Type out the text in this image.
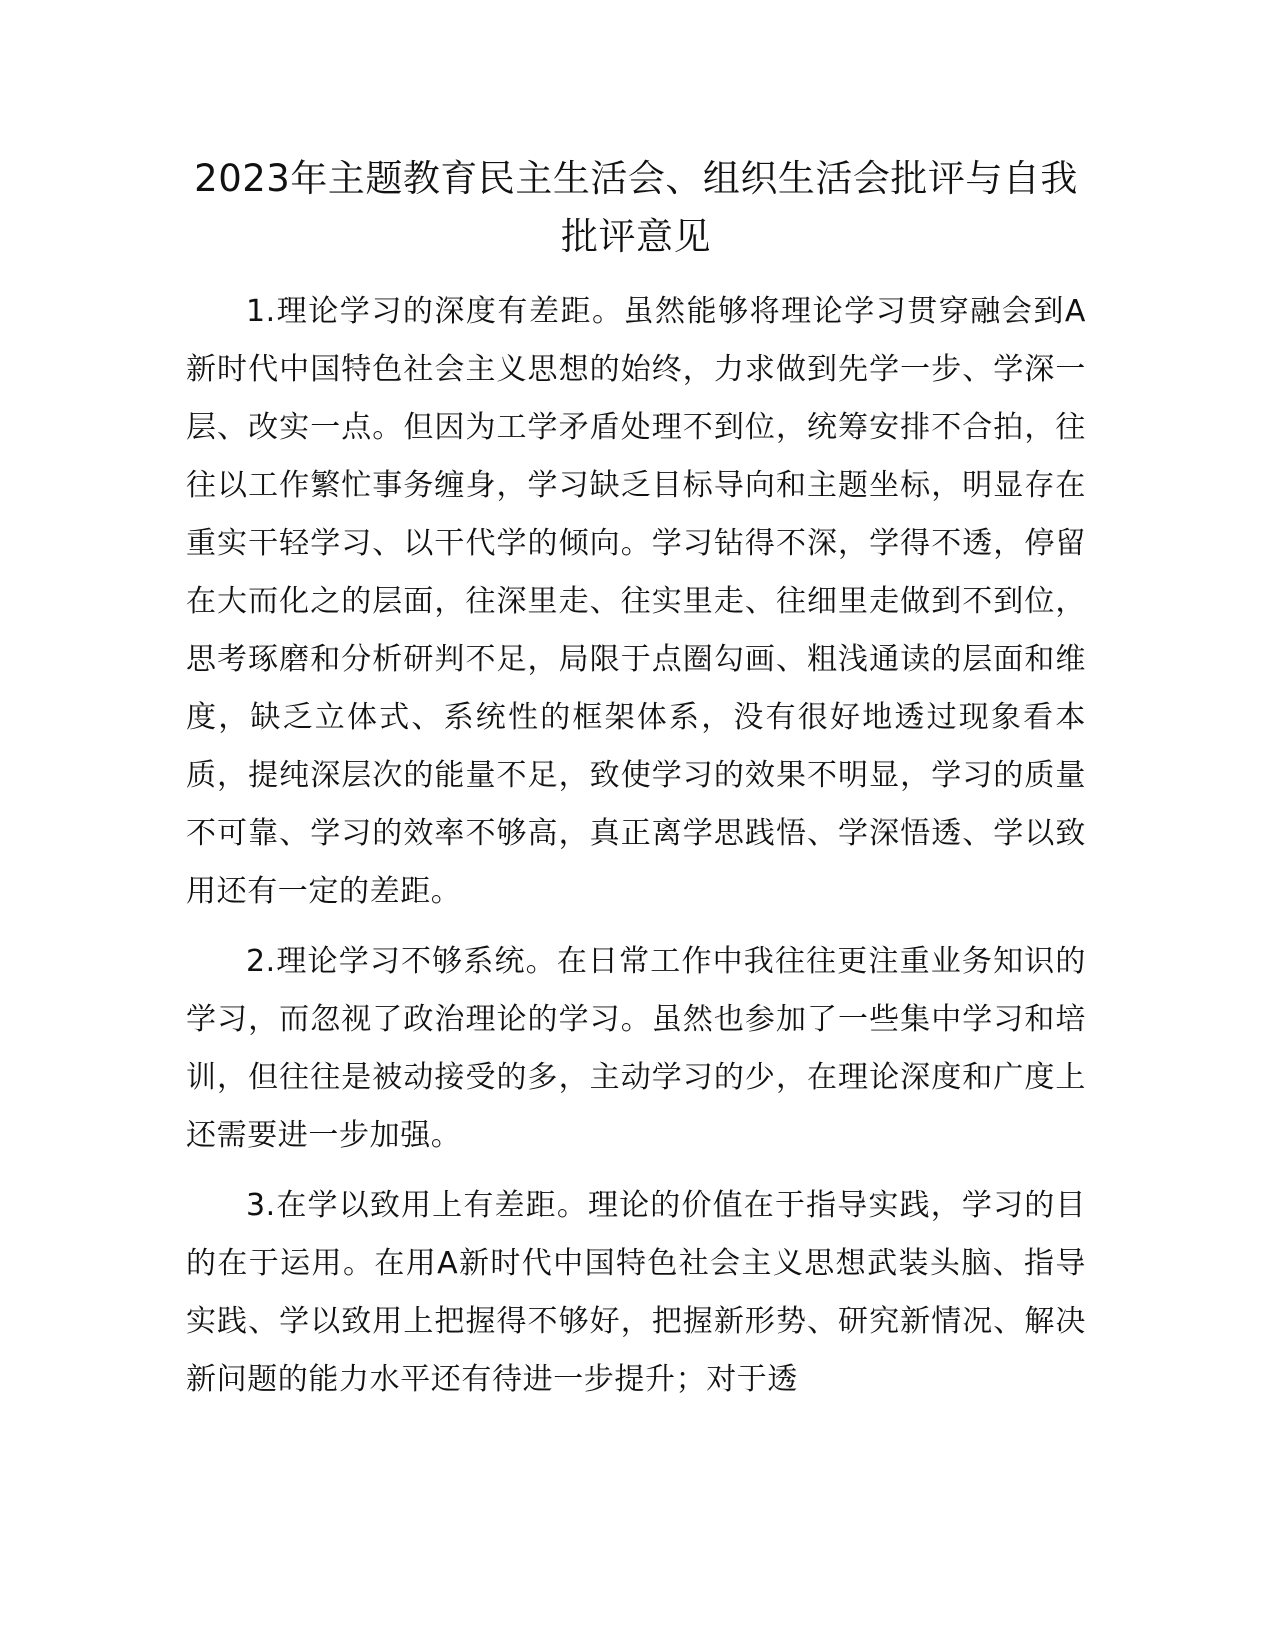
2023年主题教育民主生活会、组织生活会批评与自我批评意见

1.理论学习的深度有差距。虽然能够将理论学习贯穿融会到A新时代中国特色社会主义思想的始终，力求做到先学一步、学深一层、改实一点。但因为工学矛盾处理不到位，统筹安排不合拍，往往以工作繁忙事务缠身，学习缺乏目标导向和主题坐标，明显存在重实干轻学习、以干代学的倾向。学习钻得不深，学得不透，停留在大而化之的层面，往深里走、往实里走、往细里走做到不到位，思考琢磨和分析研判不足，局限于点圈勾画、粗浅通读的层面和维度，缺乏立体式、系统性的框架体系，没有很好地透过现象看本质，提纯深层次的能量不足，致使学习的效果不明显，学习的质量不可靠、学习的效率不够高，真正离学思践悟、学深悟透、学以致用还有一定的差距。

2.理论学习不够系统。在日常工作中我往往更注重业务知识的学习，而忽视了政治理论的学习。虽然也参加了一些集中学习和培训，但往往是被动接受的多，主动学习的少，在理论深度和广度上还需要进一步加强。

3.在学以致用上有差距。理论的价值在于指导实践，学习的目的在于运用。在用A新时代中国特色社会主义思想武装头脑、指导实践、学以致用上把握得不够好，把握新形势、研究新情况、解决新问题的能力水平还有待进一步提升；对于透
